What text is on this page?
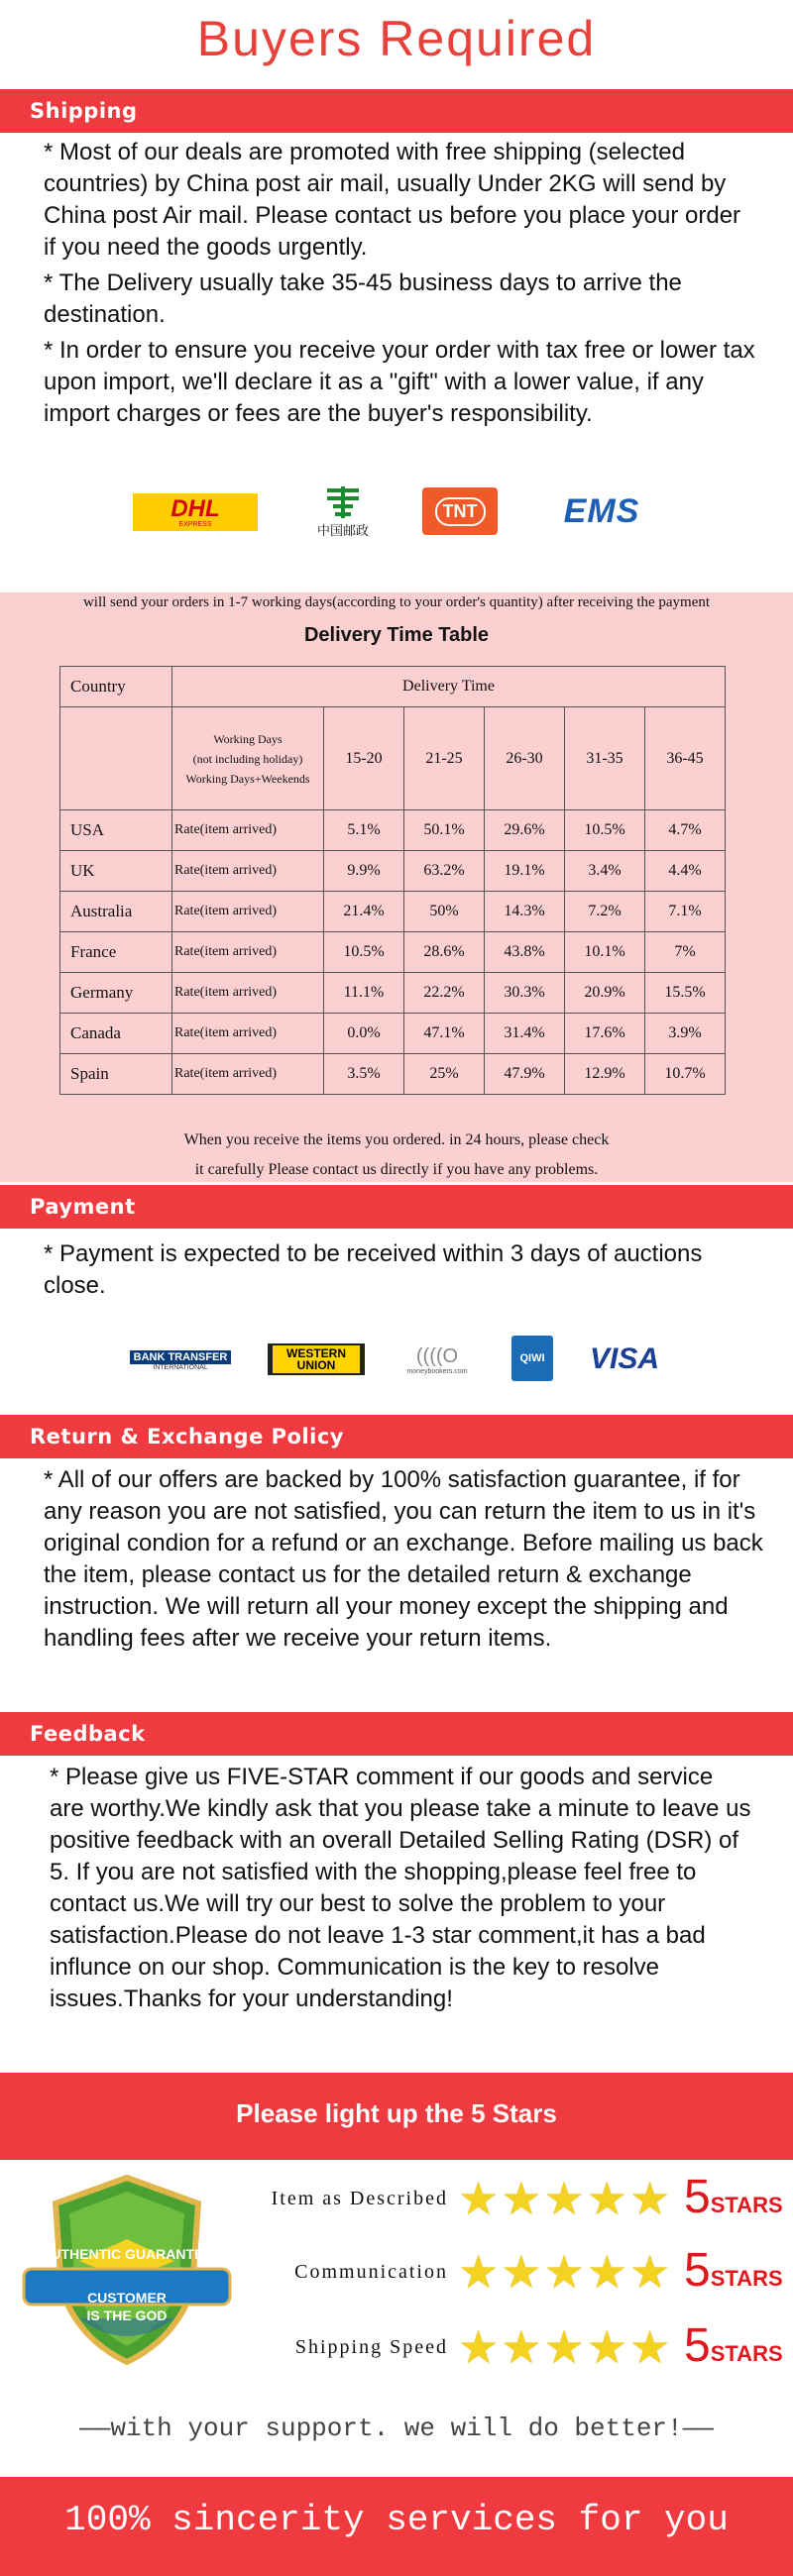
Buyers Required
Shipping

* Most of our deals are promoted with free shipping (selected countries) by China post air mail, usually Under 2KG will send by China post Air mail. Please contact us before you place your order if you need the goods urgently.

* The Delivery usually take 35-45 business days to arrive the destination.

* In order to ensure you receive your order with tax free or lower tax upon import, we'll declare it as a "gift" with a lower value, if any import charges or fees are the buyer's responsibility.

DHL
EXPRESS	中国邮政
TNT	EMS
will send your orders in 1-7 working days(according to your order's quantity) after receiving the payment
Delivery Time Table
Country	Delivery Time					

	Working Days
(not including holiday)
Working Days+Weekends	15-20	21-25	26-30	31-35	36-45
USA	Rate(item arrived)	5.1%	50.1%	29.6%	10.5%	4.7%
UK	Rate(item arrived)	9.9%	63.2%	19.1%	3.4%	4.4%
Australia	Rate(item arrived)	21.4%	50%	14.3%	7.2%	7.1%
France	Rate(item arrived)	10.5%	28.6%	43.8%	10.1%	7%
Germany	Rate(item arrived)	11.1%	22.2%	30.3%	20.9%	15.5%
Canada	Rate(item arrived)	0.0%	47.1%	31.4%	17.6%	3.9%
Spain	Rate(item arrived)	3.5%	25%	47.9%	12.9%	10.7%
When you receive the items you ordered. in 24 hours, please check
it carefully Please contact us directly if you have any problems.
Payment
* Payment is expected to be received within 3 days of auctions close.
BANK TRANSFER
INTERNATIONAL
WESTERN UNION	((((O
moneybookers.com
QIWI VISA
Return & Exchange Policy
* All of our offers are backed by 100% satisfaction guarantee, if for any reason you are not satisfied, you can return the item to us in it's original condion for a refund or an exchange. Before mailing us back the item, please contact us for the detailed return & exchange instruction. We will return all your money except the shipping and handling fees after we receive your return items.
Feedback
* Please give us FIVE-STAR comment if our goods and service are worthy.We kindly ask that you please take a minute to leave us positive feedback with an overall Detailed Selling Rating (DSR) of 5. If you are not satisfied with the shopping,please feel free to contact us.We will try our best to solve the problem to your satisfaction.Please do not leave 1-3 star comment,it has a bad influnce on our shop. Communication is the key to resolve issues.Thanks for your understanding!
Please light up the 5 Stars
AUTHENTIC GUARANTEE
CUSTOMER
IS THE GOD
Item as Described ★ ★ ★ ★ ★ 5STARS
Communication ★ ★ ★ ★ ★ 5STARS
Shipping Speed ★ ★ ★ ★ ★ 5STARS
——with your support. we will do better!——
100% sincerity services for you
